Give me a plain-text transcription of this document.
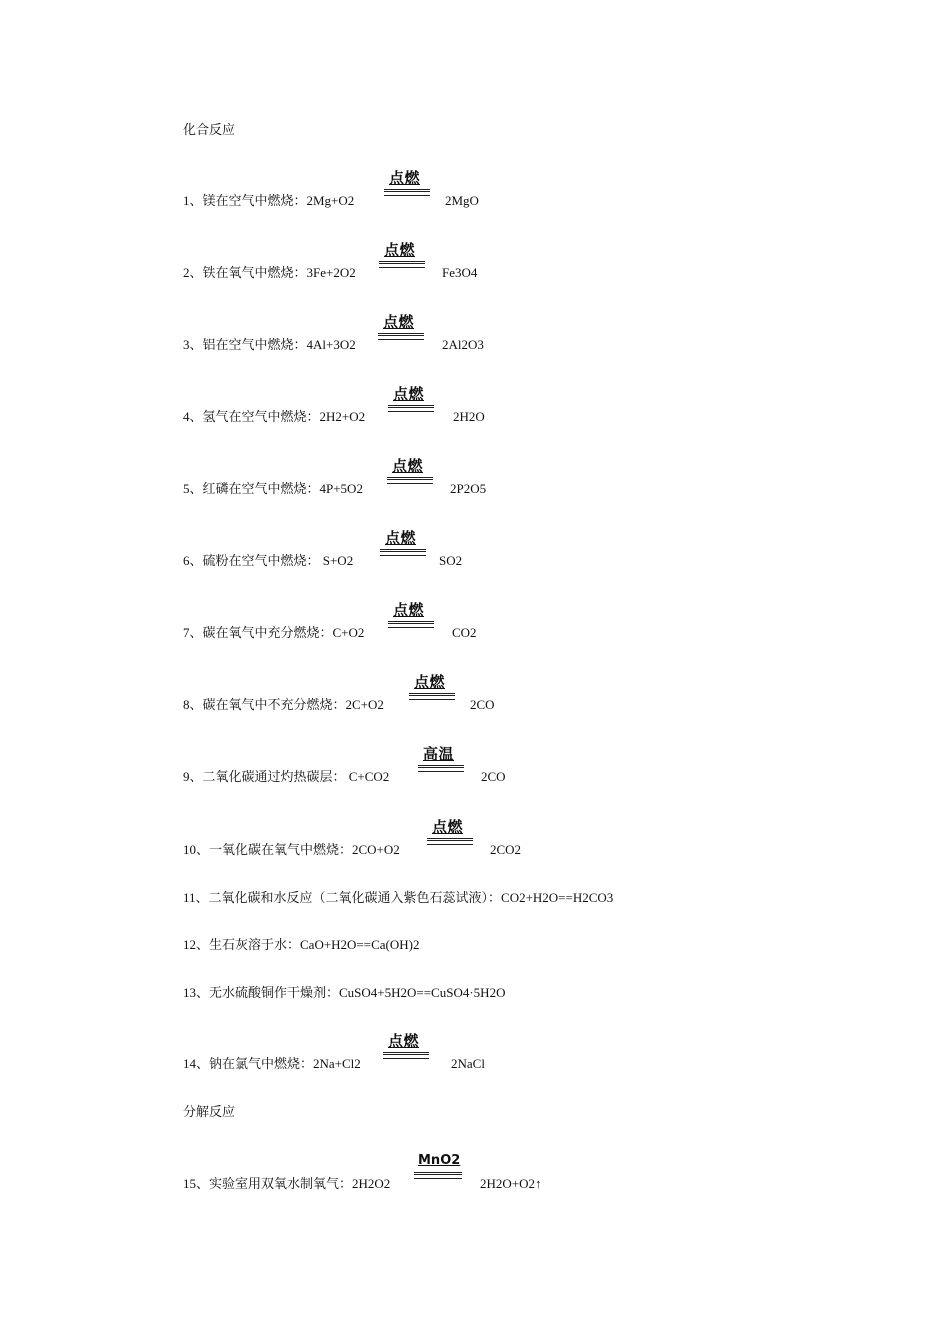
化合反应
1、镁在空气中燃烧：2Mg+O2
点燃
2MgO
2、铁在氧气中燃烧：3Fe+2O2
点燃
Fe3O4
3、铝在空气中燃烧：4Al+3O2
点燃
2Al2O3
4、氢气在空气中燃烧：2H2+O2
点燃
2H2O
5、红磷在空气中燃烧：4P+5O2
点燃
2P2O5
6、硫粉在空气中燃烧： S+O2
点燃
SO2
7、碳在氧气中充分燃烧：C+O2
点燃
CO2
8、碳在氧气中不充分燃烧：2C+O2
点燃
2CO
9、二氧化碳通过灼热碳层： C+CO2
高温
2CO
10、一氧化碳在氧气中燃烧：2CO+O2
点燃
2CO2
11、二氧化碳和水反应（二氧化碳通入紫色石蕊试液）：CO2+H2O==H2CO3
12、生石灰溶于水：CaO+H2O==Ca(OH)2
13、无水硫酸铜作干燥剂：CuSO4+5H2O==CuSO4·5H2O
14、钠在氯气中燃烧：2Na+Cl2
点燃
2NaCl
分解反应
15、实验室用双氧水制氧气：2H2O2
MnO2
2H2O+O2↑
